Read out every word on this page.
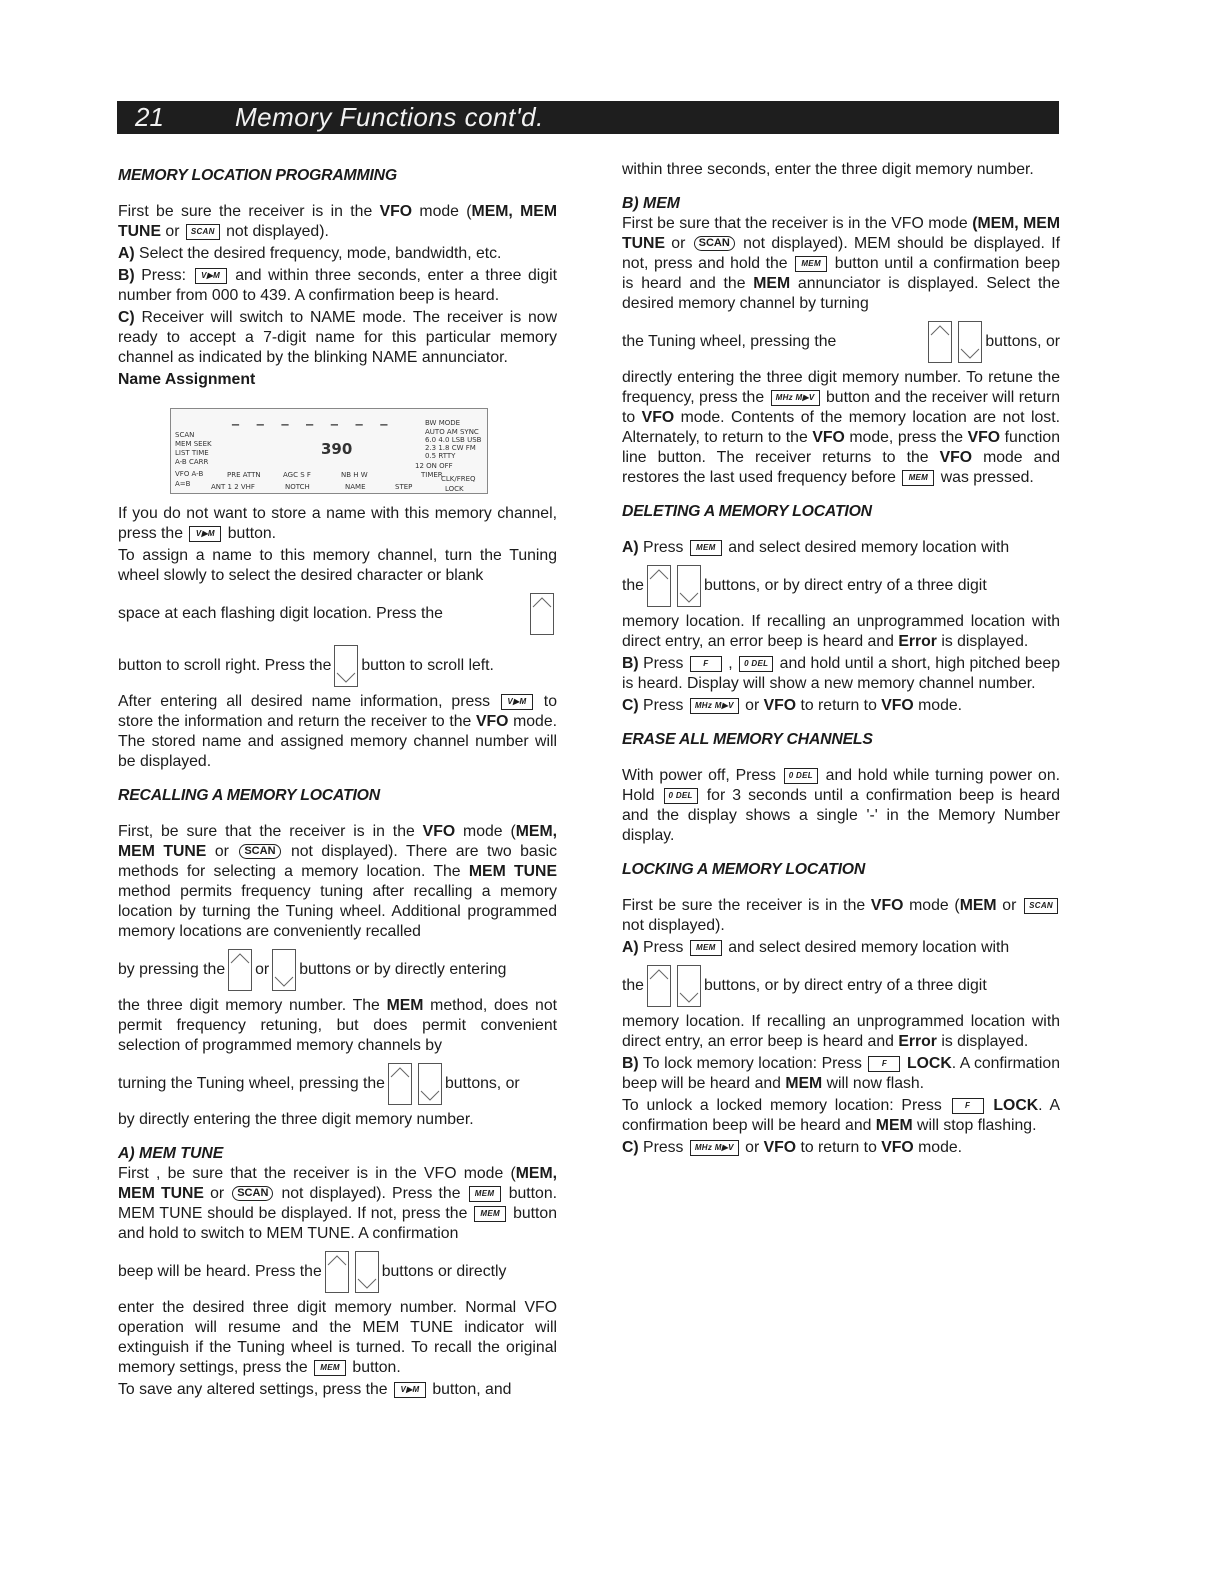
21	Memory Functions cont'd.
MEMORY LOCATION PROGRAMMING

First be sure the receiver is in the VFO mode (MEM, MEM TUNE or SCAN not displayed).

A) Select the desired frequency, mode, bandwidth, etc.

B) Press: V▶M and within three seconds, enter a three digit number from 000 to 439. A confirmation beep is heard.

C) Receiver will switch to NAME mode. The receiver is now ready to accept a 7-digit name for this particular memory channel as indicated by the blinking NAME annunciator.

Name Assignment

– – – – – – –
390
SCAN
MEM SEEK
LIST TIME
A-B CARR
VFO A-B
A=B
BW MODE
AUTO AM SYNC
6.0 4.0 LSB USB
2.3 1.8 CW FM
0.5 RTTY
12 ON OFF
TIMER
CLK/FREQ
PRE ATTN	AGC S F	NB H W
ANT 1 2 VHF	NOTCH	NAME	STEP	LOCK

If you do not want to store a name with this memory channel, press the V▶M button.

To assign a name to this memory channel, turn the Tuning wheel slowly to select the desired character or blank

space at each flashing digit location. Press the
button to scroll right. Press the button to scroll left.

After entering all desired name information, press V▶M to store the information and return the receiver to the VFO mode. The stored name and assigned memory channel number will be displayed.

RECALLING A MEMORY LOCATION

First, be sure that the receiver is in the VFO mode (MEM, MEM TUNE or SCAN not displayed). There are two basic methods for selecting a memory location. The MEM TUNE method permits frequency tuning after recalling a memory location by turning the Tuning wheel. Additional programmed memory locations are conveniently recalled

by pressing the or buttons or by directly entering

the three digit memory number. The MEM method, does not permit frequency retuning, but does permit convenient selection of programmed memory channels by

turning the Tuning wheel, pressing the	buttons, or

by directly entering the three digit memory number.

A) MEM TUNE

First , be sure that the receiver is in the VFO mode (MEM, MEM TUNE or SCAN not displayed). Press the MEM button. MEM TUNE should be displayed. If not, press the MEM button and hold to switch to MEM TUNE. A confirmation

beep will be heard. Press the	buttons or directly

enter the desired three digit memory number. Normal VFO operation will resume and the MEM TUNE indicator will extinguish if the Tuning wheel is turned. To recall the original memory settings, press the MEM button.

To save any altered settings, press the V▶M button, and

within three seconds, enter the three digit memory number.

B) MEM

First be sure that the receiver is in the VFO mode (MEM, MEM TUNE or SCAN not displayed). MEM should be displayed. If not, press and hold the MEM button until a confirmation beep is heard and the MEM annunciator is displayed. Select the desired memory channel by turning

the Tuning wheel, pressing the	buttons, or

directly entering the three digit memory number. To retune the frequency, press the MHz M▶V button and the receiver will return to VFO mode. Contents of the memory location are not lost. Alternately, to return to the VFO mode, press the VFO function line button. The receiver returns to the VFO mode and restores the last used frequency before MEM was pressed.

DELETING A MEMORY LOCATION

A) Press MEM and select desired memory location with

the	buttons, or by direct entry of a three digit

memory location. If recalling an unprogrammed location with direct entry, an error beep is heard and Error is displayed.

B) Press F , 0 DEL and hold until a short, high pitched beep is heard. Display will show a new memory channel number.

C) Press MHz M▶V or VFO to return to VFO mode.

ERASE ALL MEMORY CHANNELS

With power off, Press 0 DEL and hold while turning power on. Hold 0 DEL for 3 seconds until a confirmation beep is heard and the display shows a single '-' in the Memory Number display.

LOCKING A MEMORY LOCATION

First be sure the receiver is in the VFO mode (MEM or SCAN not displayed).

A) Press MEM and select desired memory location with

the	buttons, or by direct entry of a three digit

memory location. If recalling an unprogrammed location with direct entry, an error beep is heard and Error is displayed.

B) To lock memory location: Press F LOCK. A confirmation beep will be heard and MEM will now flash.

To unlock a locked memory location: Press F LOCK. A confirmation beep will be heard and MEM will stop flashing.

C) Press MHz M▶V or VFO to return to VFO mode.
